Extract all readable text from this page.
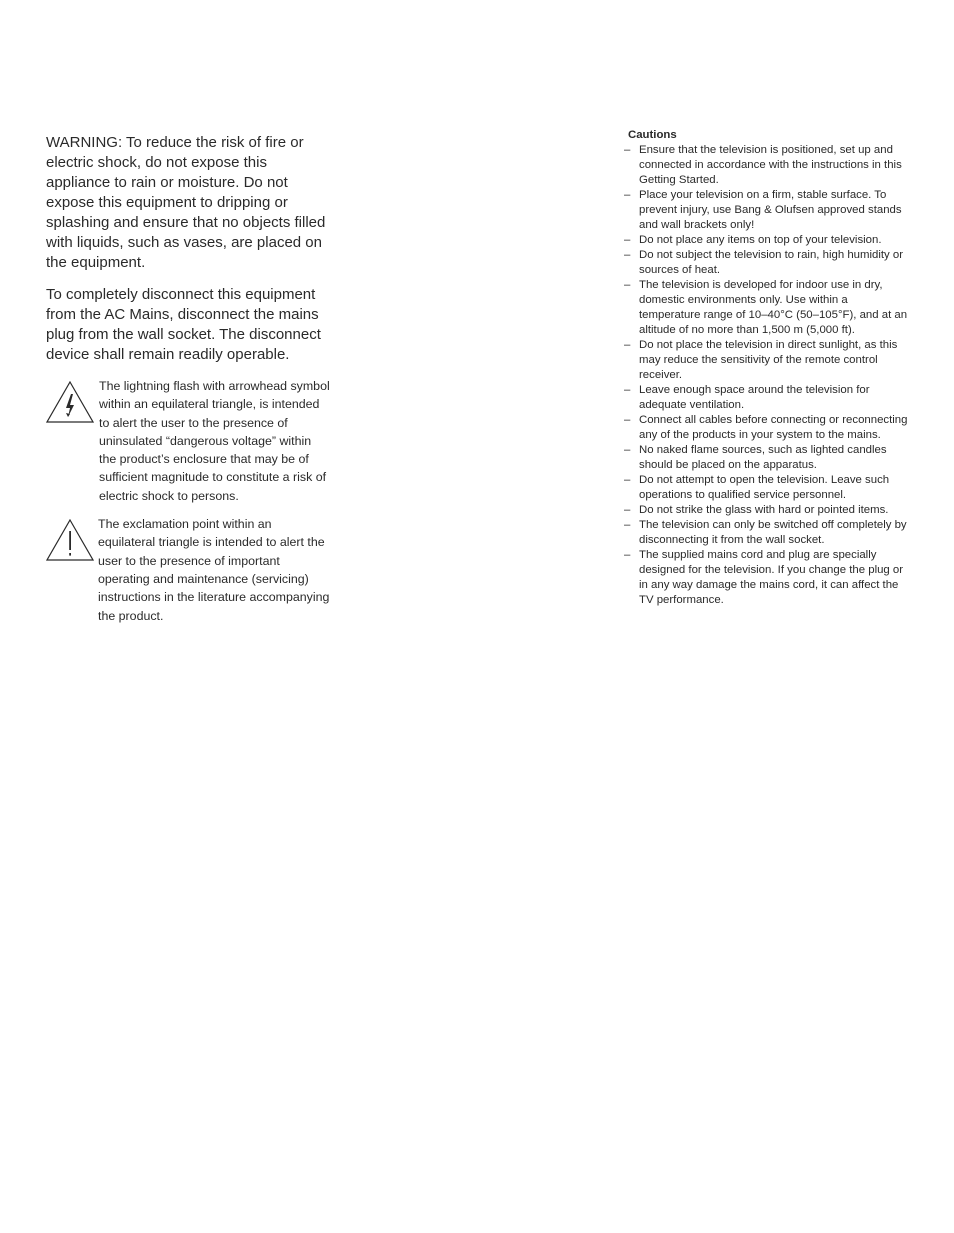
WARNING: To reduce the risk of fire or electric shock, do not expose this appliance to rain or moisture. Do not expose this equipment to dripping or splashing and ensure that no objects filled with liquids, such as vases, are placed on the equipment.

To completely disconnect this equipment from the AC Mains, disconnect the mains plug from the wall socket. The disconnect device shall remain readily operable.

The lightning flash with arrowhead symbol within an equilateral triangle, is intended to alert the user to the presence of uninsulated “dangerous voltage” within the product’s enclosure that may be of sufficient magnitude to constitute a risk of electric shock to persons.
The exclamation point within an equilateral triangle is intended to alert the user to the presence of important operating and maintenance (servicing) instructions in the literature accompanying the product.
Cautions
– Ensure that the television is positioned, set up and connected in accordance with the instructions in this Getting Started.
– Place your television on a firm, stable surface. To prevent injury, use Bang & Olufsen approved stands and wall brackets only!
– Do not place any items on top of your television.
– Do not subject the television to rain, high humidity or sources of heat.
– The television is developed for indoor use in dry, domestic environments only. Use within a temperature range of 10–40°C (50–105°F), and at an altitude of no more than 1,500 m (5,000 ft).
– Do not place the television in direct sunlight, as this may reduce the sensitivity of the remote control receiver.
– Leave enough space around the television for adequate ventilation.
– Connect all cables before connecting or reconnecting any of the products in your system to the mains.
– No naked flame sources, such as lighted candles should be placed on the apparatus.
– Do not attempt to open the television. Leave such operations to qualified service personnel.
– Do not strike the glass with hard or pointed items.
– The television can only be switched off completely by disconnecting it from the wall socket.
– The supplied mains cord and plug are specially designed for the television. If you change the plug or in any way damage the mains cord, it can affect the TV performance.
